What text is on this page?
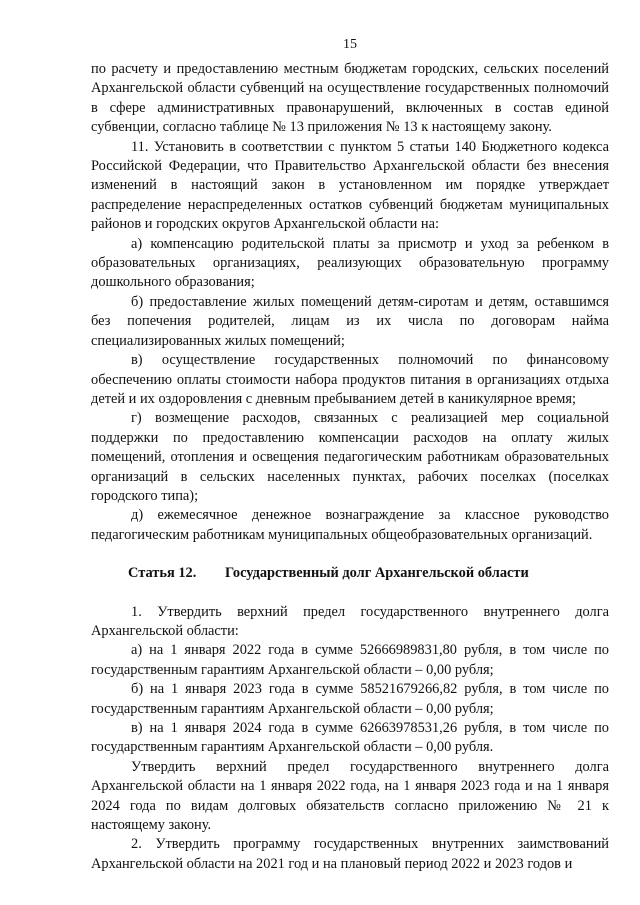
15

по расчету и предоставлению местным бюджетам городских, сельских поселений Архангельской области субвенций на осуществление государственных полномочий в сфере административных правонарушений, включенных в состав единой субвенции, согласно таблице № 13 приложения № 13 к настоящему закону.

11. Установить в соответствии с пунктом 5 статьи 140 Бюджетного кодекса Российской Федерации, что Правительство Архангельской области без внесения изменений в настоящий закон в установленном им порядке утверждает распределение нераспределенных остатков субвенций бюджетам муниципальных районов и городских округов Архангельской области на:

а) компенсацию родительской платы за присмотр и уход за ребенком в образовательных организациях, реализующих образовательную программу дошкольного образования;

б) предоставление жилых помещений детям-сиротам и детям, оставшимся без попечения родителей, лицам из их числа по договорам найма специализированных жилых помещений;

в) осуществление государственных полномочий по финансовому обеспечению оплаты стоимости набора продуктов питания в организациях отдыха детей и их оздоровления с дневным пребыванием детей в каникулярное время;

г) возмещение расходов, связанных с реализацией мер социальной поддержки по предоставлению компенсации расходов на оплату жилых помещений, отопления и освещения педагогическим работникам образовательных организаций в сельских населенных пунктах, рабочих поселках (поселках городского типа);

д) ежемесячное денежное вознаграждение за классное руководство педагогическим работникам муниципальных общеобразовательных организаций.

Статья 12. Государственный долг Архангельской области

1. Утвердить верхний предел государственного внутреннего долга Архангельской области:

а) на 1 января 2022 года в сумме 52666989831,80 рубля, в том числе по государственным гарантиям Архангельской области – 0,00 рубля;

б) на 1 января 2023 года в сумме 58521679266,82 рубля, в том числе по государственным гарантиям Архангельской области – 0,00 рубля;

в) на 1 января 2024 года в сумме 62663978531,26 рубля, в том числе по государственным гарантиям Архангельской области – 0,00 рубля.

Утвердить верхний предел государственного внутреннего долга Архангельской области на 1 января 2022 года, на 1 января 2023 года и на 1 января 2024 года по видам долговых обязательств согласно приложению № 21 к настоящему закону.

2. Утвердить программу государственных внутренних заимствований Архангельской области на 2021 год и на плановый период 2022 и 2023 годов и
